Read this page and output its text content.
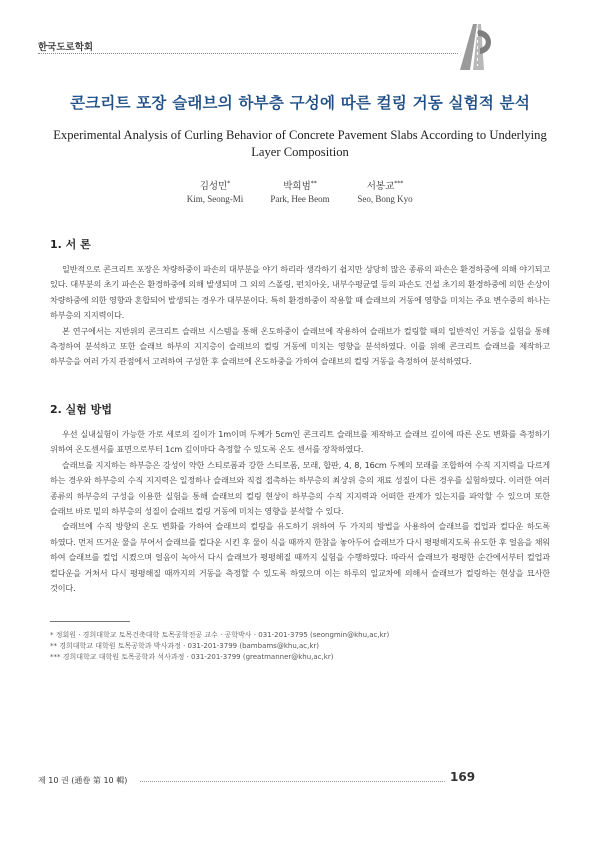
한국도로학회
콘크리트 포장 슬래브의 하부층 구성에 따른 컬링 거동 실험적 분석
Experimental Analysis of Curling Behavior of Concrete Pavement Slabs According to Underlying Layer Composition
김성민*
Kim, Seong-Mi
박희범**
Park, Hee Beom
서봉교***
Seo, Bong Kyo
1. 서 론

일반적으로 콘크리트 포장은 차량하중이 파손의 대부분을 야기 하리라 생각하기 쉽지만 상당히 많은 종류의 파손은 환경하중에 의해 야기되고 있다. 대부분의 초기 파손은 환경하중에 의해 발생되며 그 외의 스폴링, 펀치아웃, 내부수평균열 등의 파손도 건설 초기의 환경하중에 의한 손상이 차량하중에 의한 영향과 혼합되어 발생되는 경우가 대부분이다. 특히 환경하중이 작용할 때 슬래브의 거동에 영향을 미치는 주요 변수중의 하나는 하부층의 지지력이다.

본 연구에서는 지반위의 콘크리트 슬래브 시스템을 통해 온도하중이 슬래브에 작용하여 슬래브가 컬링할 때의 일반적인 거동을 실험을 통해 측정하여 분석하고 또한 슬래브 하부의 지지층이 슬래브의 컬링 거동에 미치는 영향을 분석하였다. 이를 위해 콘크리트 슬래브를 제작하고 하부층을 여러 가지 관점에서 고려하여 구성한 후 슬래브에 온도하중을 가하여 슬래브의 컬링 거동을 측정하여 분석하였다.

2. 실험 방법

우선 실내실험이 가능한 가로 세로의 길이가 1m이며 두께가 5cm인 콘크리트 슬래브를 제작하고 슬래브 깊이에 따른 온도 변화를 측정하기 위하여 온도센서를 표면으로부터 1cm 깊이마다 측정할 수 있도록 온도 센서를 장착하였다.

슬래브를 지지하는 하부층은 강성이 약한 스티로폼과 강한 스티로폼, 모래, 합판, 4, 8, 16cm 두께의 모래를 조합하여 수직 지지력을 다르게 하는 경우와 하부층의 수직 지지력은 일정하나 슬래브와 직접 접촉하는 하부층의 최상위 층의 재료 성질이 다른 경우를 실험하였다. 이러한 여러 종류의 하부층의 구성을 이용한 실험을 통해 슬래브의 컬링 현상이 하부층의 수직 지지력과 어떠한 관계가 있는지를 파악할 수 있으며 또한 슬래브 바로 밑의 하부층의 성질이 슬래브 컬링 거동에 미치는 영향을 분석할 수 있다.

슬래브에 수직 방향의 온도 변화를 가하여 슬래브의 컬링을 유도하기 위하여 두 가지의 방법을 사용하여 슬래브를 컵업과 컬다운 하도록 하였다. 먼저 뜨거운 물을 부어서 슬래브를 컬다운 시킨 후 물이 식을 때까지 한참을 놓아두어 슬래브가 다시 평평해지도록 유도한 후 얼음을 채워 하여 슬래브를 컬업 시켰으며 얼음이 녹아서 다시 슬래브가 평평해질 때까지 실험을 수행하였다. 따라서 슬래브가 평평한 순간에서부터 컬업과 컬다운을 거쳐서 다시 평평해질 때까지의 거동을 측정할 수 있도록 하였으며 이는 하루의 일교차에 의해서 슬래브가 컬링하는 현상을 묘사한 것이다.

* 정회원 · 경희대학교 토목건축대학 토목공학전공 교수 · 공학박사 · 031-201-3795 (seongmin@khu,ac,kr)
** 경희대학교 대학원 토목공학과 박사과정 · 031-201-3799 (bambams@khu,ac,kr)
*** 경희대학교 대학원 토목공학과 석사과정 · 031-201-3799 (greatmanner@khu,ac,kr)
제 10 권 (通卷 第 10 輯)	169
